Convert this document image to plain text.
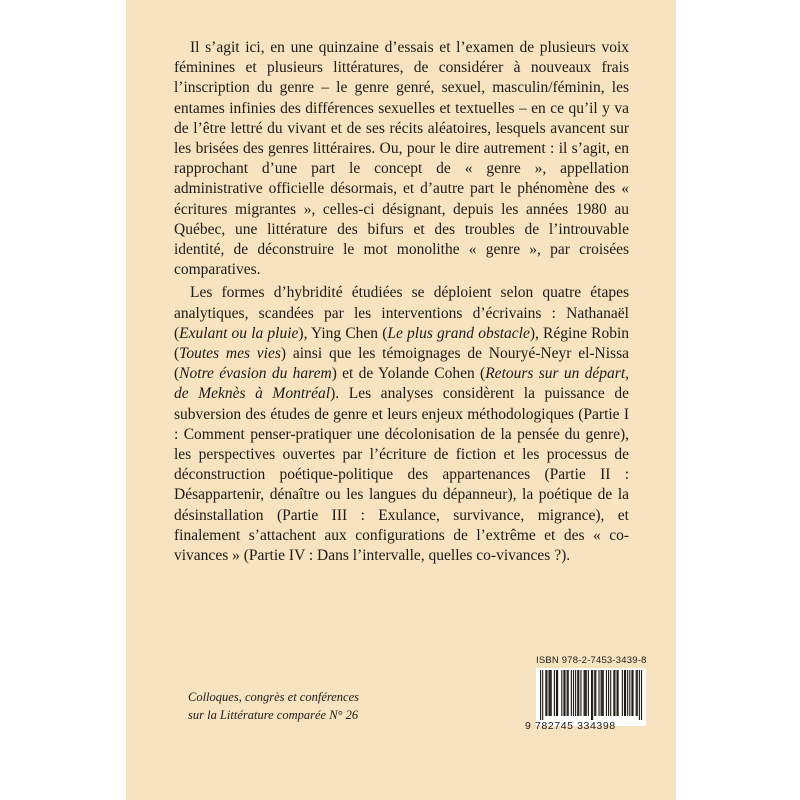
Il s’agit ici, en une quinzaine d’essais et l’examen de plusieurs voix féminines et plusieurs littératures, de considérer à nouveaux frais l’inscription du genre – le genre genré, sexuel, masculin/féminin, les entames infinies des différences sexuelles et textuelles – en ce qu’il y va de l’être lettré du vivant et de ses récits aléatoires, lesquels avancent sur les brisées des genres littéraires. Ou, pour le dire autrement : il s’agit, en rapprochant d’une part le concept de « genre », appellation administrative officielle désormais, et d’autre part le phénomène des « écritures migrantes », celles-ci désignant, depuis les années 1980 au Québec, une littérature des bifurs et des troubles de l’introuvable identité, de déconstruire le mot monolithe « genre », par croisées comparatives.

Les formes d’hybridité étudiées se déploient selon quatre étapes analytiques, scandées par les interventions d’écrivains : Nathanaël (Exulant ou la pluie), Ying Chen (Le plus grand obstacle), Régine Robin (Toutes mes vies) ainsi que les témoignages de Nouryé-Neyr el-Nissa (Notre évasion du harem) et de Yolande Cohen (Retours sur un départ, de Meknès à Montréal). Les analyses considèrent la puissance de subversion des études de genre et leurs enjeux méthodologiques (Partie I : Comment penser-pratiquer une décolonisation de la pensée du genre), les perspectives ouvertes par l’écriture de fiction et les processus de déconstruction poétique-politique des appartenances (Partie II : Désappartenir, dénaître ou les langues du dépanneur), la poétique de la désinstallation (Partie III : Exulance, survivance, migrance), et finalement s’attachent aux configurations de l’extrême et des « co-vivances » (Partie IV : Dans l’intervalle, quelles co-vivances ?).

Colloques, congrès et conférences
sur la Littérature comparée N° 26
ISBN 978-2-7453-3439-8
9 782745 334398
